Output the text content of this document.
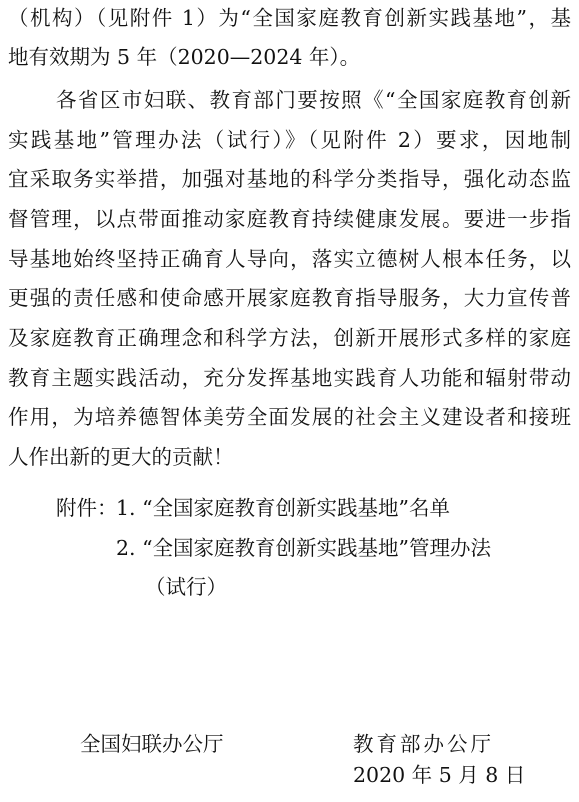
（机构）（见附件 1）为“全国家庭教育创新实践基地”，基
地有效期为 5 年（2020—2024 年）。
各省区市妇联、教育部门要按照《“全国家庭教育创新
实践基地”管理办法（试行）》（见附件 2）要求，因地制
宜采取务实举措，加强对基地的科学分类指导，强化动态监
督管理，以点带面推动家庭教育持续健康发展。要进一步指
导基地始终坚持正确育人导向，落实立德树人根本任务，以
更强的责任感和使命感开展家庭教育指导服务，大力宣传普
及家庭教育正确理念和科学方法，创新开展形式多样的家庭
教育主题实践活动，充分发挥基地实践育人功能和辐射带动
作用，为培养德智体美劳全面发展的社会主义建设者和接班
人作出新的更大的贡献！
附件：
1. “全国家庭教育创新实践基地”名单
2. “全国家庭教育创新实践基地”管理办法
（试行）
全国妇联办公厅	教育部办公厅
2020 年 5 月 8 日
